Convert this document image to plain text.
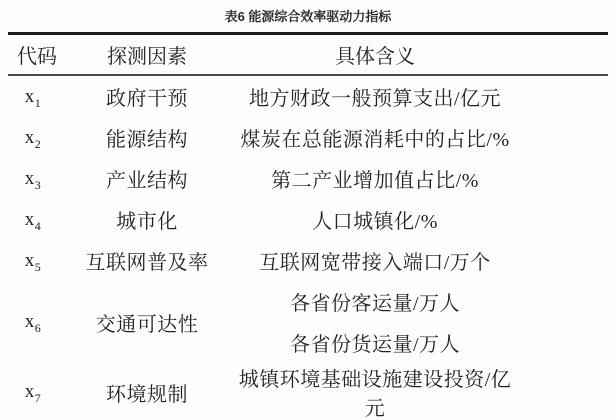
表6 能源综合效率驱动力指标
代码	探测因素	具体含义
$x_1$	政府干预	地方财政一般预算支出/亿元
$x_2$	能源结构	煤炭在总能源消耗中的占比/%
$x_3$	产业结构	第二产业增加值占比/%
$x_4$	城市化	人口城镇化/%
$x_5$	互联网普及率	互联网宽带接入端口/万个
$x_6$	交通可达性	各省份客运量/万人
		各省份货运量/万人
$x_7$	环境规制	城镇环境基础设施建设投资/亿元
